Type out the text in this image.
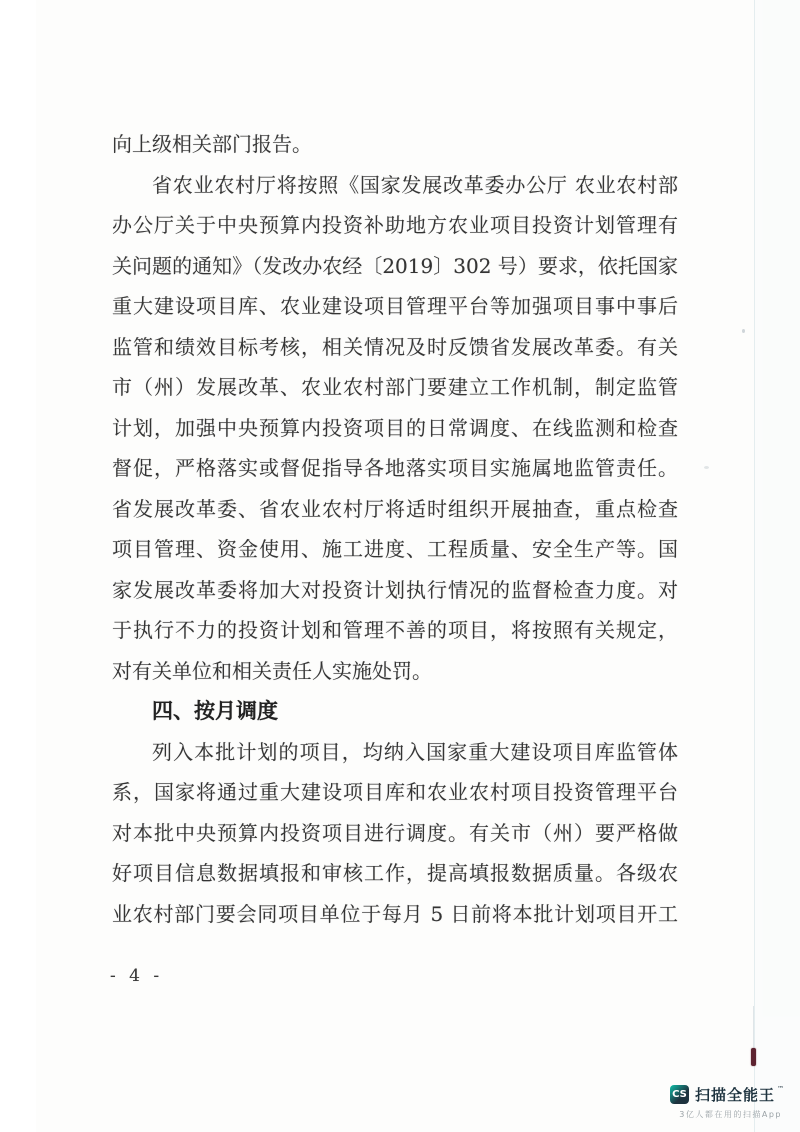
向上级相关部门报告。
省农业农村厅将按照《国家发展改革委办公厅 农业农村部
办公厅关于中央预算内投资补助地方农业项目投资计划管理有
关问题的通知》（发改办农经〔2019〕302 号）要求，依托国家
重大建设项目库、农业建设项目管理平台等加强项目事中事后
监管和绩效目标考核，相关情况及时反馈省发展改革委。有关
市（州）发展改革、农业农村部门要建立工作机制，制定监管
计划，加强中央预算内投资项目的日常调度、在线监测和检查
督促，严格落实或督促指导各地落实项目实施属地监管责任。
省发展改革委、省农业农村厅将适时组织开展抽查，重点检查
项目管理、资金使用、施工进度、工程质量、安全生产等。国
家发展改革委将加大对投资计划执行情况的监督检查力度。对
于执行不力的投资计划和管理不善的项目，将按照有关规定，
对有关单位和相关责任人实施处罚。
四、按月调度
列入本批计划的项目，均纳入国家重大建设项目库监管体
系，国家将通过重大建设项目库和农业农村项目投资管理平台
对本批中央预算内投资项目进行调度。有关市（州）要严格做
好项目信息数据填报和审核工作，提高填报数据质量。各级农
业农村部门要会同项目单位于每月 5 日前将本批计划项目开工
- 4 -
CS 扫描全能王 ™
3亿人都在用的扫描App
